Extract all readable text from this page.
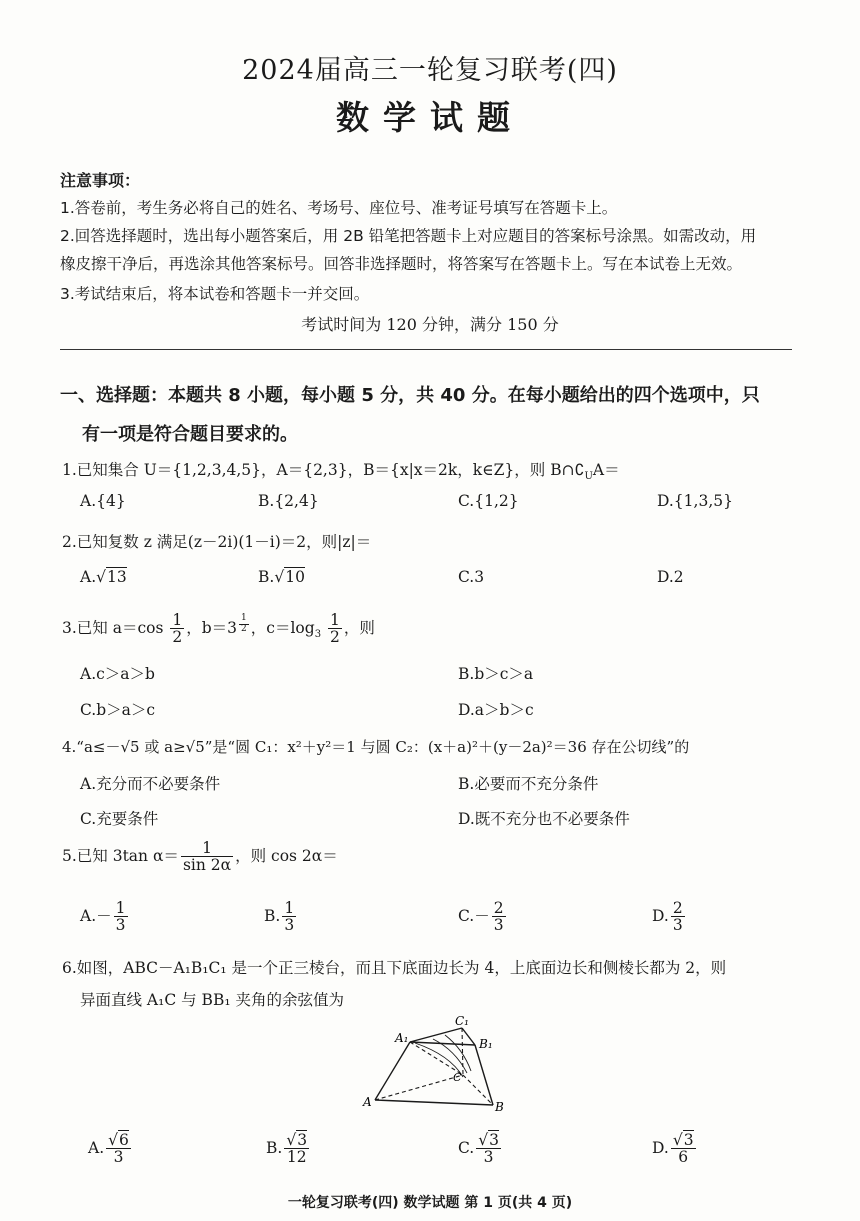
2024届高三一轮复习联考(四)
数学试题
注意事项：
1.答卷前，考生务必将自己的姓名、考场号、座位号、准考证号填写在答题卡上。
2.回答选择题时，选出每小题答案后，用 2B 铅笔把答题卡上对应题目的答案标号涂黑。如需改动，用
橡皮擦干净后，再选涂其他答案标号。回答非选择题时，将答案写在答题卡上。写在本试卷上无效。
3.考试结束后，将本试卷和答题卡一并交回。
考试时间为 120 分钟，满分 150 分
一、选择题：本题共 8 小题，每小题 5 分，共 40 分。在每小题给出的四个选项中，只
有一项是符合题目要求的。
1.已知集合 U＝{1,2,3,4,5}，A＝{2,3}，B＝{x|x＝2k，k∈Z}，则 $B\cap∁_UA=$
A.{4}	B.{2,4}	C.{1,2}	D.{1,3,5}
2.已知复数 z 满足(z－2i)(1－i)＝2，则|z|＝
A.√13	B.√10	C.3	D.2
3.已知 $a=\cos \frac{1}{2}$ ，b＝3 $^{\frac{1}{2}}$ ，$c=\log_3 \frac{1}{2}$ ，则
A.c＞a＞b	B.b＞c＞a
C.b＞a＞c	D.a＞b＞c
4.“a≤－√5 或 a≥√5”是“圆 C₁：x²＋y²＝1 与圆 C₂：(x＋a)²＋(y－2a)²＝36 存在公切线”的
A.充分而不必要条件	B.必要而不充分条件
C.充要条件	D.既不充分也不必要条件
5.已知 3tan $\alpha= \frac{1}{\sin 2\alpha}$ ，则 cos 2α＝
$A.- \frac{1}{3}$	B. $\frac{1}{3}$	$C.- \frac{2}{3}$	D. $\frac{2}{3}$
6.如图，ABC－A₁B₁C₁ 是一个正三棱台，而且下底面边长为 4，上底面边长和侧棱长都为 2，则
异面直线 A₁C 与 BB₁ 夹角的余弦值为
A₁
C₁
B₁
A	B
C
A. $\frac{√6}{3}$	B. $\frac{√3}{12}$	C. $\frac{√3}{3}$	D. $\frac{√3}{6}$
一轮复习联考(四) 数学试题 第 1 页(共 4 页)
